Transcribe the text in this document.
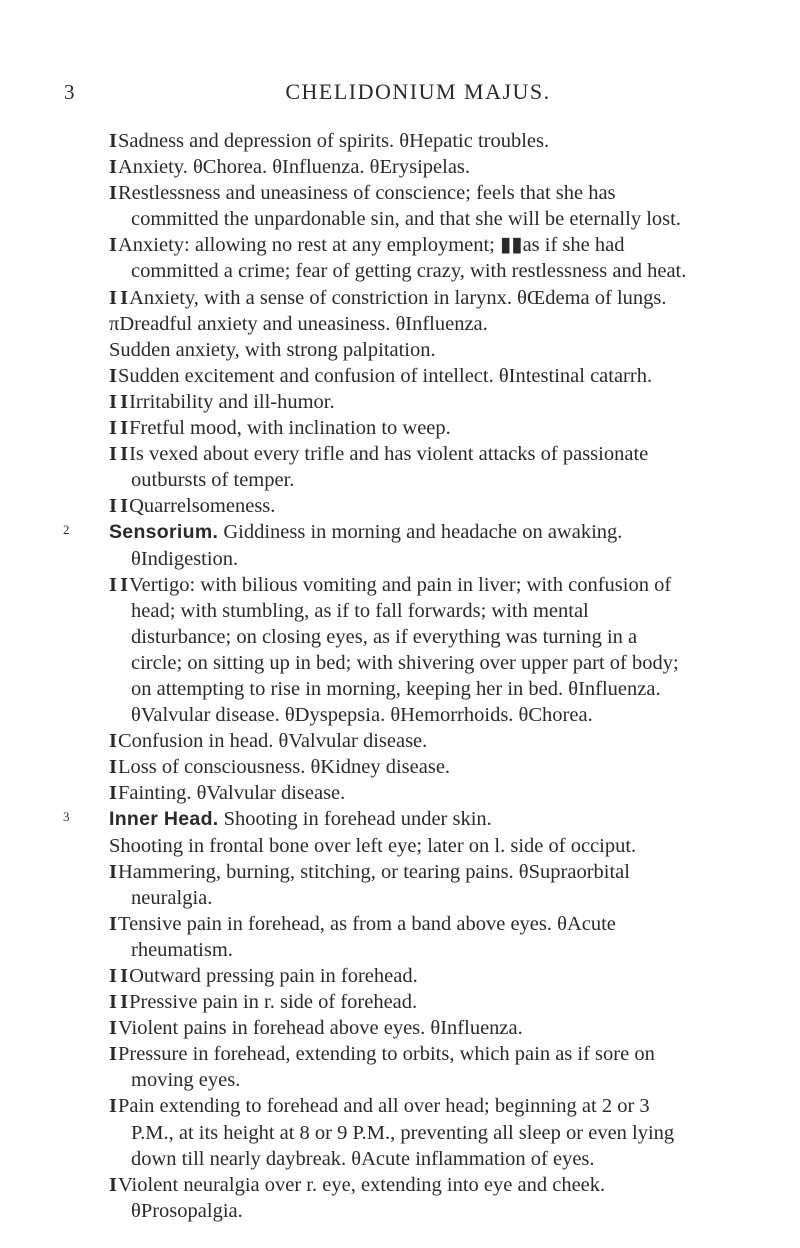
3	CHELIDONIUM MAJUS.

ISadness and depression of spirits. θHepatic troubles.

IAnxiety. θChorea. θInfluenza. θErysipelas.

IRestlessness and uneasiness of conscience; feels that she has committed the unpardonable sin, and that she will be eternally lost.

IAnxiety: allowing no rest at any employment; ▮▮as if she had committed a crime; fear of getting crazy, with restlessness and heat.

I IAnxiety, with a sense of constriction in larynx. θŒdema of lungs.

πDreadful anxiety and uneasiness. θInfluenza.

Sudden anxiety, with strong palpitation.

ISudden excitement and confusion of intellect. θIntestinal catarrh.

I IIrritability and ill-humor.

I IFretful mood, with inclination to weep.

I IIs vexed about every trifle and has violent attacks of passionate outbursts of temper.

I IQuarrelsomeness.

2	Sensorium. Giddiness in morning and headache on awaking. θIndigestion.

I IVertigo: with bilious vomiting and pain in liver; with confusion of head; with stumbling, as if to fall forwards; with mental disturbance; on closing eyes, as if everything was turning in a circle; on sitting up in bed; with shivering over upper part of body; on attempting to rise in morning, keeping her in bed. θInfluenza. θValvular disease. θDyspepsia. θHemorrhoids. θChorea.

IConfusion in head. θValvular disease.

ILoss of consciousness. θKidney disease.

IFainting. θValvular disease.

3	Inner Head. Shooting in forehead under skin.

Shooting in frontal bone over left eye; later on l. side of occiput.

IHammering, burning, stitching, or tearing pains. θSupraorbital neuralgia.

ITensive pain in forehead, as from a band above eyes. θAcute rheumatism.

I IOutward pressing pain in forehead.

I IPressive pain in r. side of forehead.

IViolent pains in forehead above eyes. θInfluenza.

IPressure in forehead, extending to orbits, which pain as if sore on moving eyes.

IPain extending to forehead and all over head; beginning at 2 or 3 P.M., at its height at 8 or 9 P.M., preventing all sleep or even lying down till nearly daybreak. θAcute inflammation of eyes.

IViolent neuralgia over r. eye, extending into eye and cheek. θProsopalgia.
